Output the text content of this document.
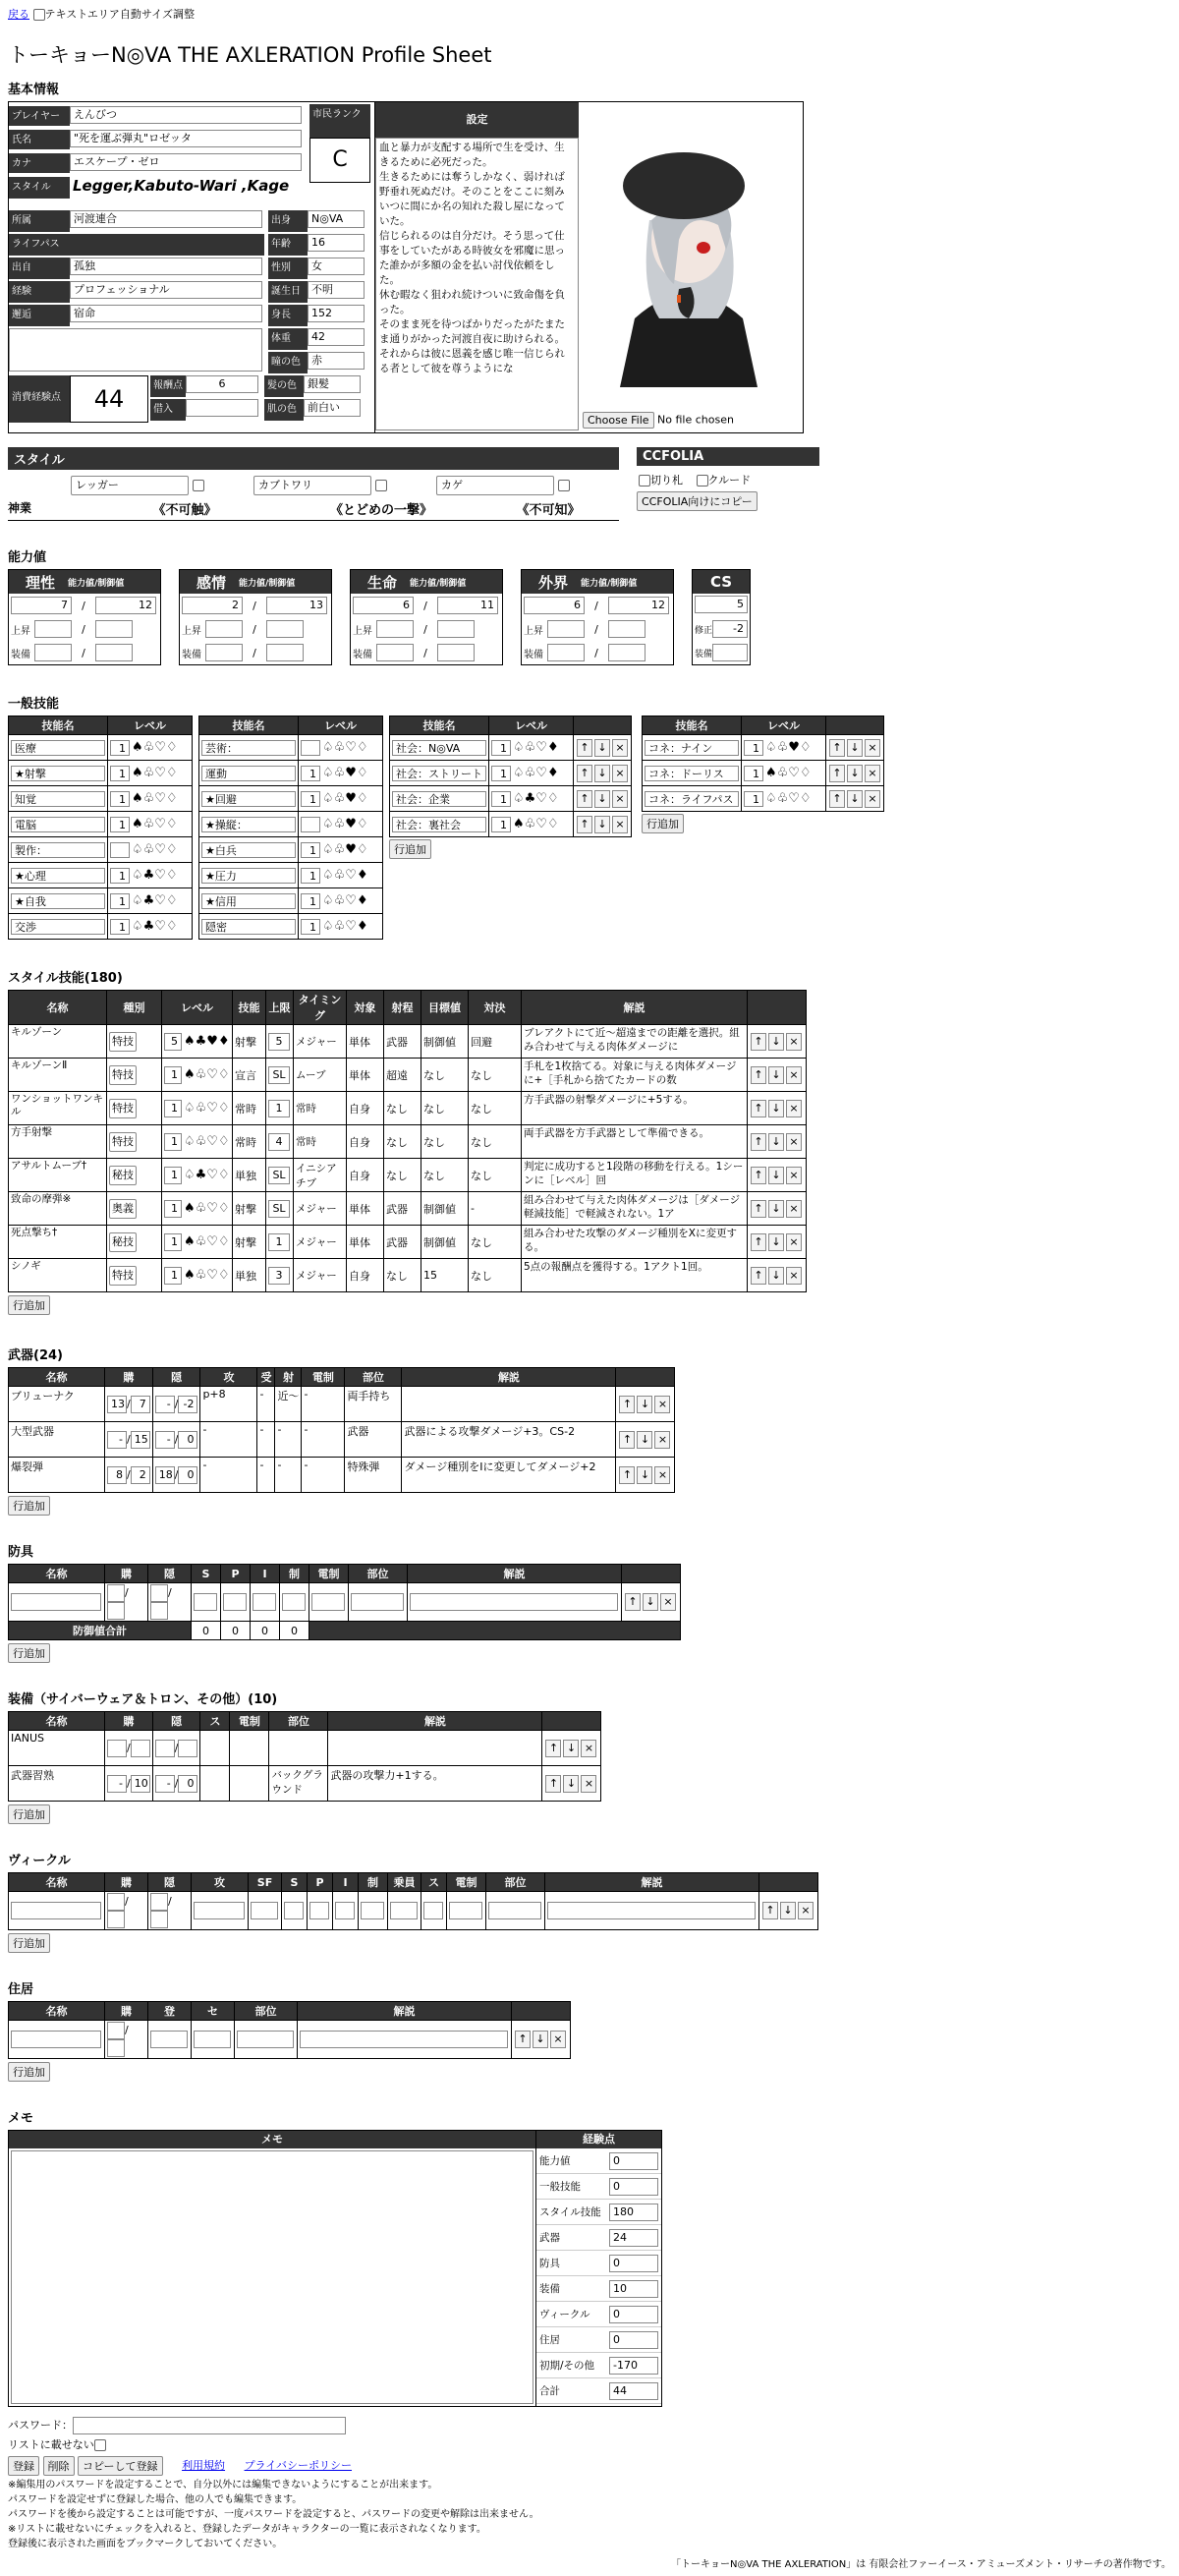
戻る テキストエリア自動サイズ調整
トーキョーN◎VA THE AXLERATION Profile Sheet
基本情報
プレイヤー	えんびつ
氏名	"死を運ぶ弾丸"ロゼッタ
カナ	エスケープ・ゼロ
スタイル	Legger,Kabuto-Wari ,Kage
市民ランク
C
所属	河渡連合	出身	N◎VA
ライフパス	年齢	16
出自	孤独	性別	女
経験	プロフェッショナル	誕生日	不明
邂逅	宿命	身長	152
体重	42
瞳の色	赤
消費経験点	44	報酬点	6
借入
髪の色	銀髪
肌の色	前白い
設定
血と暴力が支配する場所で生を受け、生きるために必死だった。
生きるためには奪うしかなく、弱ければ野垂れ死ぬだけ。そのことをここに刻みいつに間にか名の知れた殺し屋になっていた。
信じられるのは自分だけ。そう思って仕事をしていたがある時彼女を邪魔に思った誰かが多額の金を払い討伐依頼をした。
休む暇なく狙われ続けついに致命傷を負った。
そのまま死を待つばかりだったがたまたま通りがかった河渡自夜に助けられる。
それからは彼に恩義を感じ唯一信じられる者として彼を尊うようにな
Choose File No file chosen
スタイル
レッガー	カブトワリ	カゲ
神業	《不可触》	《とどめの一撃》	《不可知》
CCFOLIA
切り札 クルード
CCFOLIA向けにコピー
能力値
理性	能力値/制御値
7	/	12
上昇	/
装備	/
感情	能力値/制御値
2	/	13
上昇	/
装備	/
生命	能力値/制御値
6	/	11
上昇	/
装備	/
外界	能力値/制御値
6	/	12
上昇	/
装備	/
CS
5
修正	-2
装備
一般技能
技能名	レベル
医療	1 ♠♧♡♢
★射撃	1 ♠♧♡♢
知覚	1 ♠♧♡♢
電脳	1 ♠♧♡♢
製作：	♤♧♡♢
★心理	1 ♤♣♡♢
★自我	1 ♤♣♡♢
交渉	1 ♤♣♡♢
技能名	レベル
芸術：	♤♧♡♢
運動	1 ♤♧♥♢
★回避	1 ♤♧♥♢
★操縦：	♤♧♥♢
★白兵	1 ♤♧♥♢
★圧力	1 ♤♧♡♦
★信用	1 ♤♧♡♦
隠密	1 ♤♧♡♦
技能名	レベル	
社会：N◎VA	1 ♤♧♡♦	↑ ↓ ×
社会：ストリート	1 ♤♧♡♦	↑ ↓ ×
社会：企業	1 ♤♣♡♢	↑ ↓ ×
社会：裏社会	1 ♠♧♡♢	↑ ↓ ×
行追加
技能名	レベル	
コネ：ナイン	1 ♤♧♥♢	↑ ↓ ×
コネ：ドーリス	1 ♠♧♡♢	↑ ↓ ×
コネ：ライフパス	1 ♤♧♡♢	↑ ↓ ×
行追加
スタイル技能(180)
名称	種別	レベル	技能	上限	タイミング	対象	射程	目標値	対決	解説	

キルゾーン	特技	5 ♠♣♥♦	射撃	5	メジャー	単体	武器	制御値	回避	ブレアクトにて近〜超遠までの距離を選択。組み合わせて与える肉体ダメージに	↑ ↓ ×

キルゾーンⅡ	特技	1 ♠♧♡♢	宣言	SL	ムーブ	単体	超遠	なし	なし	手札を1枚捨てる。対象に与える肉体ダメージに+［手札から捨てたカードの数	↑ ↓ ×

ワンショットワンキル	特技	1 ♤♧♡♢	常時	1	常時	自身	なし	なし	なし	方手武器の射撃ダメージに+5する。	↑ ↓ ×

方手射撃	特技	1 ♤♧♡♢	常時	4	常時	自身	なし	なし	なし	両手武器を方手武器として準備できる。	↑ ↓ ×

アサルトムーブ†	秘技	1 ♤♣♡♢	単独	SL	イニシアチブ	自身	なし	なし	なし	判定に成功すると1段階の移動を行える。1シーンに［レベル］回	↑ ↓ ×

致命の摩弾※	奥義	1 ♠♧♡♢	射撃	SL	メジャー	単体	武器	制御値	-	組み合わせて与えた肉体ダメージは［ダメージ軽減技能］で軽減されない。1ア	↑ ↓ ×

死点撃ち†	秘技	1 ♠♧♡♢	射撃	1	メジャー	単体	武器	制御値	なし	組み合わせた攻撃のダメージ種別をXに変更する。	↑ ↓ ×

シノギ	特技	1 ♠♧♡♢	単独	3	メジャー	自身	なし	15	なし	5点の報酬点を獲得する。1アクト1回。	↑ ↓ ×
行追加
武器(24)
名称	購	隠	攻	受	射	電制	部位	解説	

ブリューナク	13 / 7	- / -2	p+8	-	近〜	-	両手持ち		↑ ↓ ×

大型武器	- / 15	- / 0	-	-	-	-	武器	武器による攻撃ダメージ+3。CS-2	↑ ↓ ×

爆裂弾	8 / 2	18 / 0	-	-	-	-	特殊弾	ダメージ種別をIに変更してダメージ+2	↑ ↓ ×
行追加
防具
名称	購	隠	S	P	I	制	電制	部位	解説	
	/	/								↑ ↓ ×
防御値合計			0	0	0	0				
行追加
装備（サイバーウェア＆トロン、その他）(10)
名称	購	隠	ス	電制	部位	解説	

IANUS	/	/					↑ ↓ ×

武器習熟	- / 10	- / 0			バックグラウンド	武器の攻撃力+1する。	↑ ↓ ×
行追加
ヴィークル
名称	購	隠	攻	SF	S	P	I	制	乗員	ス	電制	部位	解説	
	/	/												↑ ↓ ×
行追加
住居
名称	購	登	セ	部位	解説	
	/					↑ ↓ ×
行追加
メモ
メモ	経験点
能力値	0
一般技能	0
スタイル技能	180
武器	24
防具	0
装備	10
ヴィークル	0
住居	0
初期/その他	-170
合計	44
パスワード：
リストに載せない
登録 削除 コピーして登録 利用規約 プライバシーポリシー
※編集用のパスワードを設定することで、自分以外には編集できないようにすることが出来ます。
パスワードを設定せずに登録した場合、他の人でも編集できます。
パスワードを後から設定することは可能ですが、一度パスワードを設定すると、パスワードの変更や解除は出来ません。
※リストに載せないにチェックを入れると、登録したデータがキャラクターの一覧に表示されなくなります。
登録後に表示された画面をブックマークしておいてください。
「トーキョーN◎VA THE AXLERATION」は 有限会社ファーイース・アミューズメント・リサーチの著作物です。
